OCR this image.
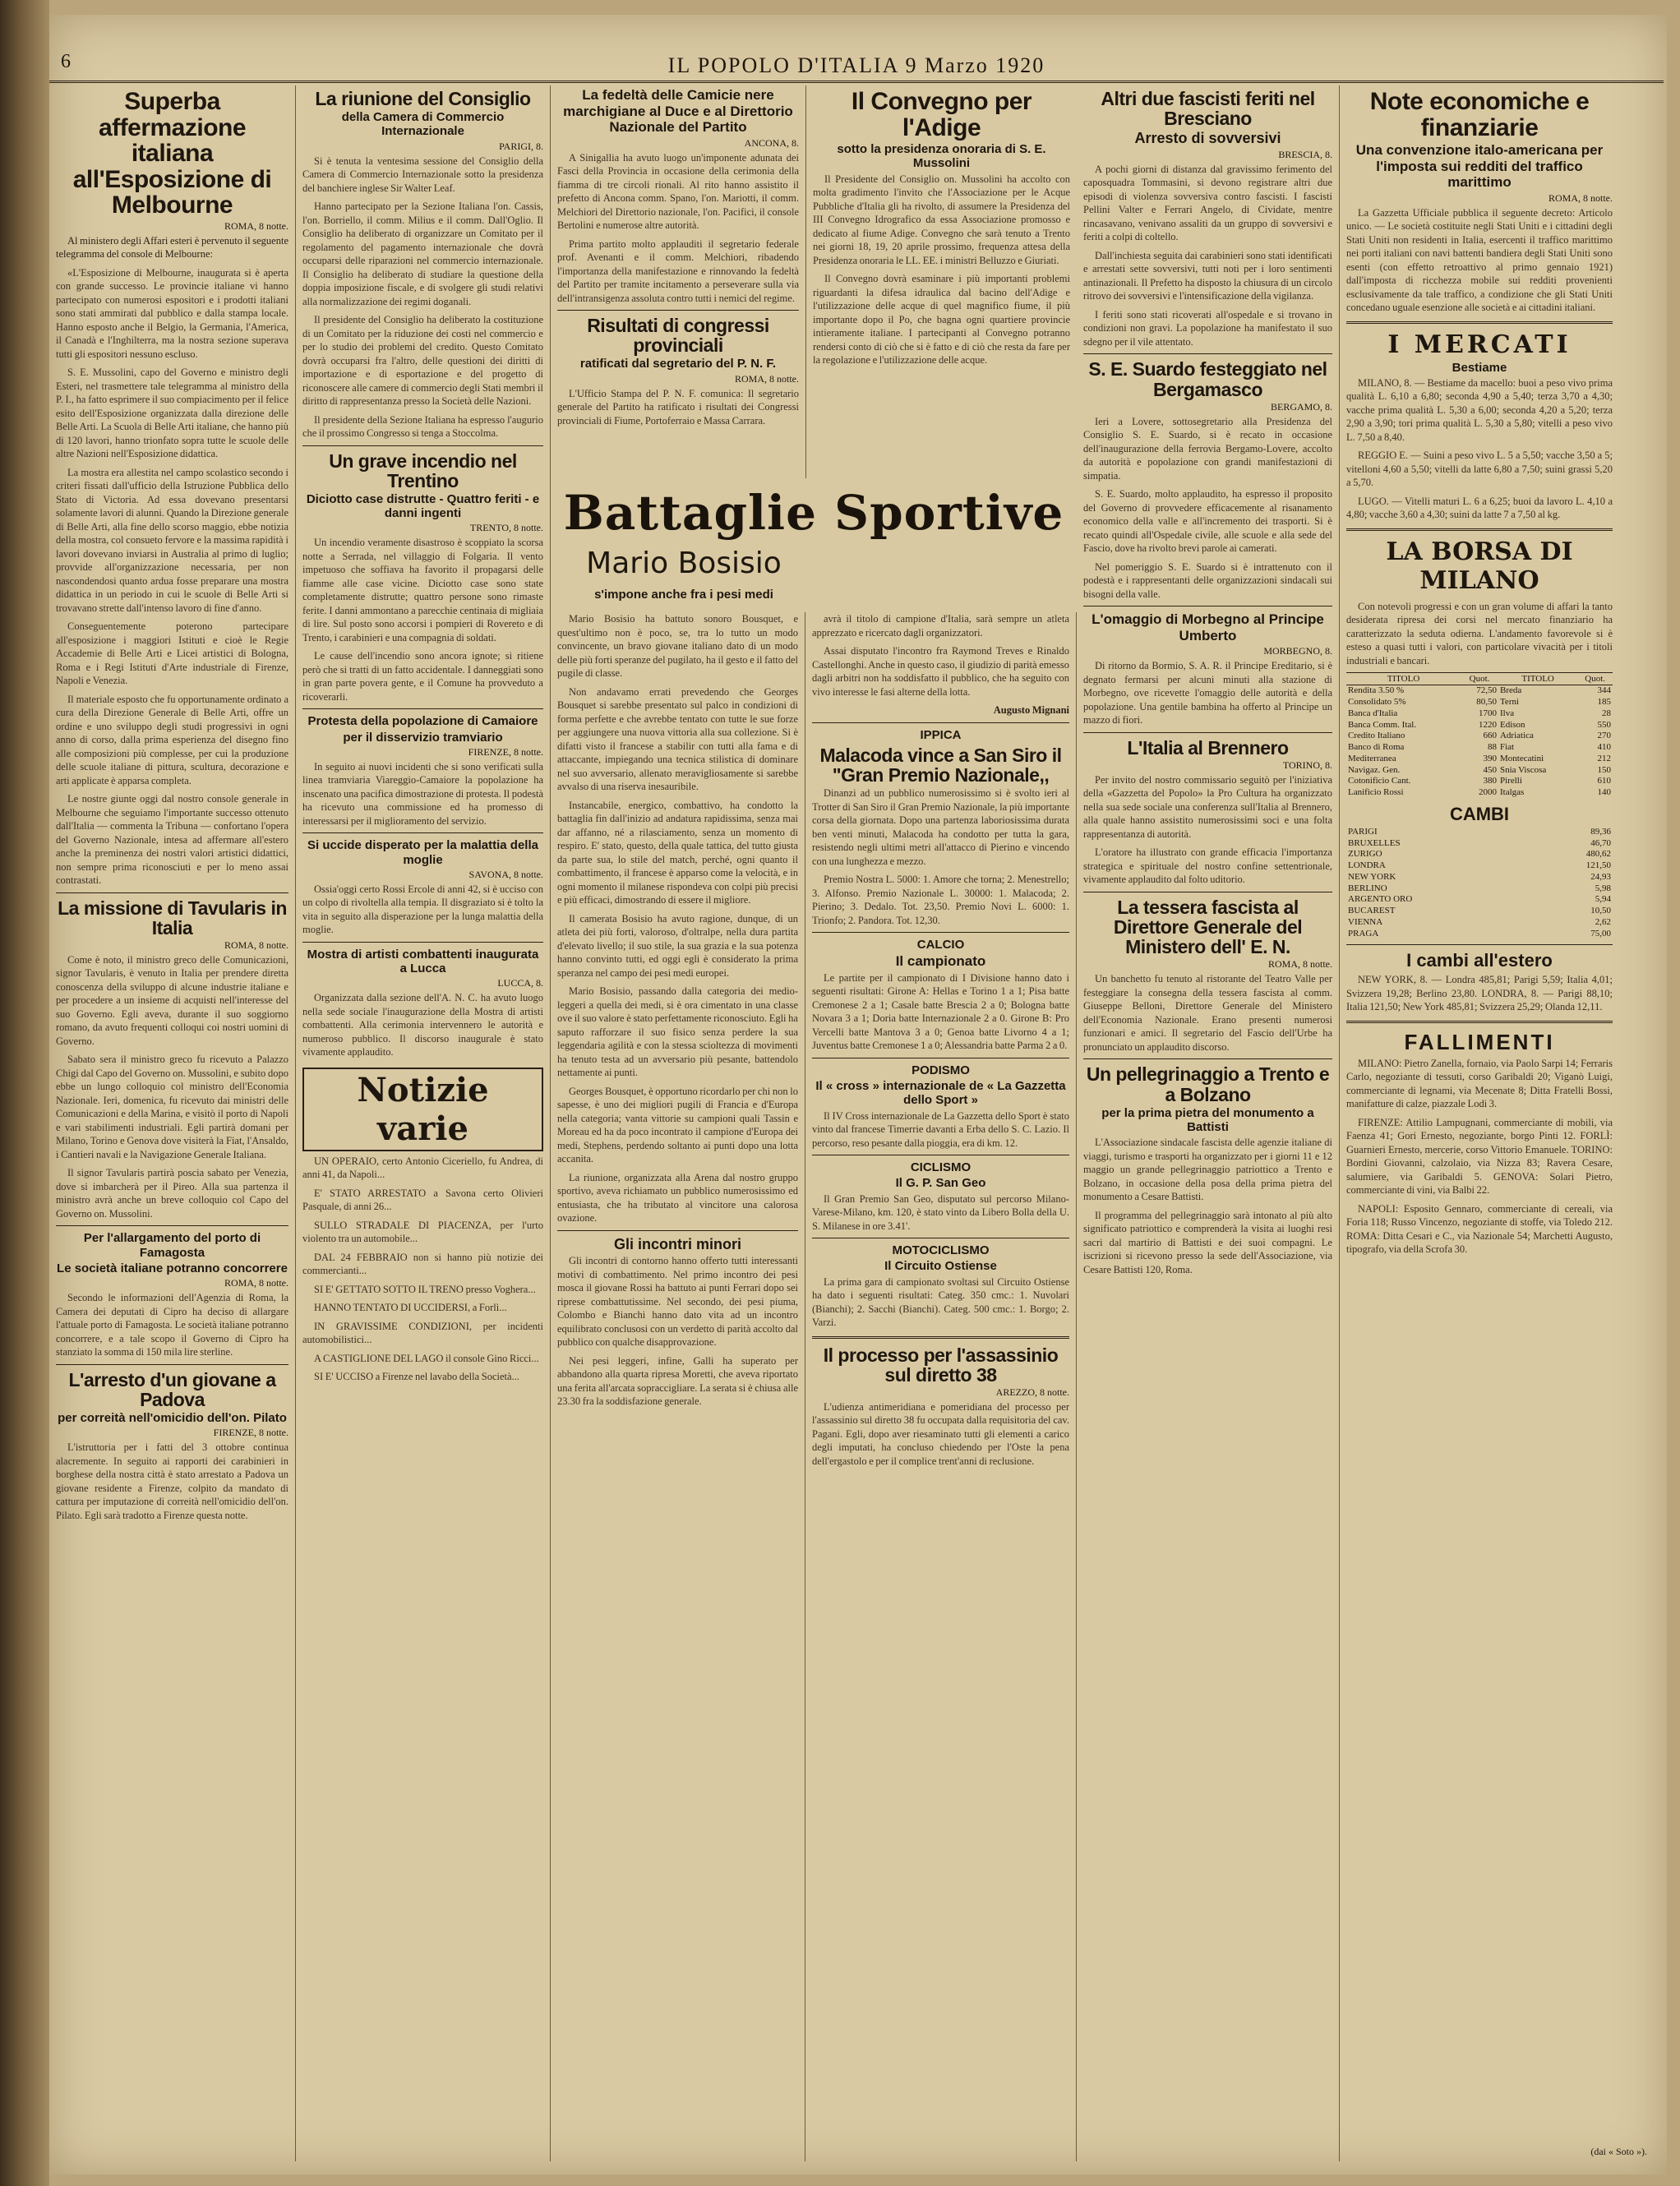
6	IL POPOLO D'ITALIA 9 Marzo 1920
Superba affermazione italiana all'Esposizione di Melbourne
ROMA, 8 notte.

Al ministero degli Affari esteri è pervenuto il seguente telegramma del console di Melbourne:

«L'Esposizione di Melbourne, inaugurata si è aperta con grande successo. Le provincie italiane vi hanno partecipato con numerosi espositori e i prodotti italiani sono stati ammirati dal pubblico e dalla stampa locale. Hanno esposto anche il Belgio, la Germania, l'America, il Canadà e l'Inghilterra, ma la nostra sezione superava tutti gli espositori nessuno escluso.

S. E. Mussolini, capo del Governo e ministro degli Esteri, nel trasmettere tale telegramma al ministro della P. I., ha fatto esprimere il suo compiacimento per il felice esito dell'Esposizione organizzata dalla direzione delle Belle Arti. La Scuola di Belle Arti italiane, che hanno più di 120 lavori, hanno trionfato sopra tutte le scuole delle altre Nazioni nell'Esposizione didattica.

La mostra era allestita nel campo scolastico secondo i criteri fissati dall'ufficio della Istruzione Pubblica dello Stato di Victoria. Ad essa dovevano presentarsi solamente lavori di alunni. Quando la Direzione generale di Belle Arti, alla fine dello scorso maggio, ebbe notizia della mostra, col consueto fervore e la massima rapidità i lavori dovevano inviarsi in Australia al primo di luglio; provvide all'organizzazione necessaria, per non nascondendosi quanto ardua fosse preparare una mostra didattica in un periodo in cui le scuole di Belle Arti si trovavano strette dall'intenso lavoro di fine d'anno.

Conseguentemente poterono partecipare all'esposizione i maggiori Istituti e cioè le Regie Accademie di Belle Arti e Licei artistici di Bologna, Roma e i Regi Istituti d'Arte industriale di Firenze, Napoli e Venezia.

Il materiale esposto che fu opportunamente ordinato a cura della Direzione Generale di Belle Arti, offre un ordine e uno sviluppo degli studi progressivi in ogni anno di corso, dalla prima esperienza del disegno fino alle composizioni più complesse, per cui la produzione delle scuole italiane di pittura, scultura, decorazione e arti applicate è apparsa completa.

Le nostre giunte oggi dal nostro console generale in Melbourne che seguiamo l'importante successo ottenuto dall'Italia — commenta la Tribuna — confortano l'opera del Governo Nazionale, intesa ad affermare all'estero anche la preminenza dei nostri valori artistici didattici, non sempre prima riconosciuti e per lo meno assai contrastati.

La missione di Tavularis in Italia
ROMA, 8 notte.

Come è noto, il ministro greco delle Comunicazioni, signor Tavularis, è venuto in Italia per prendere diretta conoscenza della sviluppo di alcune industrie italiane e per procedere a un insieme di acquisti nell'interesse del suo Governo. Egli aveva, durante il suo soggiorno romano, da avuto frequenti colloqui coi nostri uomini di Governo.

Sabato sera il ministro greco fu ricevuto a Palazzo Chigi dal Capo del Governo on. Mussolini, e subito dopo ebbe un lungo colloquio col ministro dell'Economia Nazionale. Ieri, domenica, fu ricevuto dai ministri delle Comunicazioni e della Marina, e visitò il porto di Napoli e vari stabilimenti industriali. Egli partirà domani per Milano, Torino e Genova dove visiterà la Fiat, l'Ansaldo, i Cantieri navali e la Navigazione Generale Italiana.

Il signor Tavularis partirà poscia sabato per Venezia, dove si imbarcherà per il Pireo. Alla sua partenza il ministro avrà anche un breve colloquio col Capo del Governo on. Mussolini.

Per l'allargamento del porto di Famagosta
Le società italiane potranno concorrere
ROMA, 8 notte.

Secondo le informazioni dell'Agenzia di Roma, la Camera dei deputati di Cipro ha deciso di allargare l'attuale porto di Famagosta. Le società italiane potranno concorrere, e a tale scopo il Governo di Cipro ha stanziato la somma di 150 mila lire sterline.

L'arresto d'un giovane a Padova
per correità nell'omicidio dell'on. Pilato
FIRENZE, 8 notte.

L'istruttoria per i fatti del 3 ottobre continua alacremente. In seguito ai rapporti dei carabinieri in borghese della nostra città è stato arrestato a Padova un giovane residente a Firenze, colpito da mandato di cattura per imputazione di correità nell'omicidio dell'on. Pilato. Egli sarà tradotto a Firenze questa notte.

La riunione del Consiglio
della Camera di Commercio Internazionale
PARIGI, 8.

Si è tenuta la ventesima sessione del Consiglio della Camera di Commercio Internazionale sotto la presidenza del banchiere inglese Sir Walter Leaf.

Hanno partecipato per la Sezione Italiana l'on. Cassis, l'on. Borriello, il comm. Milius e il comm. Dall'Oglio. Il Consiglio ha deliberato di organizzare un Comitato per il regolamento del pagamento internazionale che dovrà occuparsi delle riparazioni nel commercio internazionale. Il Consiglio ha deliberato di studiare la questione della doppia imposizione fiscale, e di svolgere gli studi relativi alla normalizzazione dei regimi doganali.

Il presidente del Consiglio ha deliberato la costituzione di un Comitato per la riduzione dei costi nel commercio e per lo studio dei problemi del credito. Questo Comitato dovrà occuparsi fra l'altro, delle questioni dei diritti di importazione e di esportazione e del progetto di riconoscere alle camere di commercio degli Stati membri il diritto di rappresentanza presso la Società delle Nazioni.

Il presidente della Sezione Italiana ha espresso l'augurio che il prossimo Congresso si tenga a Stoccolma.

Un grave incendio nel Trentino
Diciotto case distrutte - Quattro feriti - e danni ingenti
TRENTO, 8 notte.

Un incendio veramente disastroso è scoppiato la scorsa notte a Serrada, nel villaggio di Folgaria. Il vento impetuoso che soffiava ha favorito il propagarsi delle fiamme alle case vicine. Diciotto case sono state completamente distrutte; quattro persone sono rimaste ferite. I danni ammontano a parecchie centinaia di migliaia di lire. Sul posto sono accorsi i pompieri di Rovereto e di Trento, i carabinieri e una compagnia di soldati.

Le cause dell'incendio sono ancora ignote; si ritiene però che si tratti di un fatto accidentale. I danneggiati sono in gran parte povera gente, e il Comune ha provveduto a ricoverarli.

Protesta della popolazione di Camaiore
per il disservizio tramviario
FIRENZE, 8 notte.

In seguito ai nuovi incidenti che si sono verificati sulla linea tramviaria Viareggio-Camaiore la popolazione ha inscenato una pacifica dimostrazione di protesta. Il podestà ha ricevuto una commissione ed ha promesso di interessarsi per il miglioramento del servizio.

Si uccide disperato per la malattia della moglie
SAVONA, 8 notte.

Ossia'oggi certo Rossi Ercole di anni 42, si è ucciso con un colpo di rivoltella alla tempia. Il disgraziato si è tolto la vita in seguito alla disperazione per la lunga malattia della moglie.

Mostra di artisti combattenti inaugurata a Lucca
LUCCA, 8.

Organizzata dalla sezione dell'A. N. C. ha avuto luogo nella sede sociale l'inaugurazione della Mostra di artisti combattenti. Alla cerimonia intervennero le autorità e numeroso pubblico. Il discorso inaugurale è stato vivamente applaudito.

Notizie varie

UN OPERAIO, certo Antonio Ciceriello, fu Andrea, di anni 41, da Napoli...

E' STATO ARRESTATO a Savona certo Olivieri Pasquale, di anni 26...

SULLO STRADALE DI PIACENZA, per l'urto violento tra un automobile...

DAL 24 FEBBRAIO non si hanno più notizie dei commercianti...

SI E' GETTATO SOTTO IL TRENO presso Voghera...

HANNO TENTATO DI UCCIDERSI, a Forlì...

IN GRAVISSIME CONDIZIONI, per incidenti automobilistici...

A CASTIGLIONE DEL LAGO il console Gino Ricci...

SI E' UCCISO a Firenze nel lavabo della Società...

La fedeltà delle Camicie nere marchigiane al Duce e al Direttorio Nazionale del Partito
ANCONA, 8.

A Sinigallia ha avuto luogo un'imponente adunata dei Fasci della Provincia in occasione della cerimonia della fiamma di tre circoli rionali. Al rito hanno assistito il prefetto di Ancona comm. Spano, l'on. Mariotti, il comm. Melchiori del Direttorio nazionale, l'on. Pacifici, il console Bertolini e numerose altre autorità.

Prima partito molto applauditi il segretario federale prof. Avenanti e il comm. Melchiori, ribadendo l'importanza della manifestazione e rinnovando la fedeltà del Partito per tramite incitamento a perseverare sulla via dell'intransigenza assoluta contro tutti i nemici del regime.

Risultati di congressi provinciali
ratificati dal segretario del P. N. F.
ROMA, 8 notte.

L'Ufficio Stampa del P. N. F. comunica: Il segretario generale del Partito ha ratificato i risultati dei Congressi provinciali di Fiume, Portoferraio e Massa Carrara.

Il Convegno per l'Adige
sotto la presidenza onoraria di S. E. Mussolini

Il Presidente del Consiglio on. Mussolini ha accolto con molta gradimento l'invito che l'Associazione per le Acque Pubbliche d'Italia gli ha rivolto, di assumere la Presidenza del III Convegno Idrografico da essa Associazione promosso e dedicato al fiume Adige. Convegno che sarà tenuto a Trento nei giorni 18, 19, 20 aprile prossimo, frequenza attesa della Presidenza onoraria le LL. EE. i ministri Belluzzo e Giuriati.

Il Convegno dovrà esaminare i più importanti problemi riguardanti la difesa idraulica dal bacino dell'Adige e l'utilizzazione delle acque di quel magnifico fiume, il più importante dopo il Po, che bagna ogni quartiere provincie intieramente italiane. I partecipanti al Convegno potranno rendersi conto di ciò che si è fatto e di ciò che resta da fare per la regolazione e l'utilizzazione delle acque.

Battaglie Sportive
Mario Bosisio
s'impone anche fra i pesi medi

Mario Bosisio ha battuto sonoro Bousquet, e quest'ultimo non è poco, se, tra lo tutto un modo convincente, un bravo giovane italiano dato di un modo delle più forti speranze del pugilato, ha il gesto e il fatto del pugile di classe.

Non andavamo errati prevedendo che Georges Bousquet si sarebbe presentato sul palco in condizioni di forma perfette e che avrebbe tentato con tutte le sue forze per aggiungere una nuova vittoria alla sua collezione. Si è difatti visto il francese a stabilir con tutti alla fama e di attaccante, impiegando una tecnica stilistica di dominare nel suo avversario, allenato meravigliosamente si sarebbe avvalso di una riserva inesauribile.

Instancabile, energico, combattivo, ha condotto la battaglia fin dall'inizio ad andatura rapidissima, senza mai dar affanno, né a rilasciamento, senza un momento di respiro. E' stato, questo, della quale tattica, del tutto giusta da parte sua, lo stile del match, perché, ogni quanto il combattimento, il francese è apparso come la velocità, e in ogni momento il milanese rispondeva con colpi più precisi e più efficaci, dimostrando di essere il migliore.

Il camerata Bosisio ha avuto ragione, dunque, di un atleta dei più forti, valoroso, d'oltralpe, nella dura partita d'elevato livello; il suo stile, la sua grazia e la sua potenza hanno convinto tutti, ed oggi egli è considerato la prima speranza nel campo dei pesi medi europei.

Mario Bosisio, passando dalla categoria dei medio-leggeri a quella dei medi, si è ora cimentato in una classe ove il suo valore è stato perfettamente riconosciuto. Egli ha saputo rafforzare il suo fisico senza perdere la sua leggendaria agilità e con la stessa scioltezza di movimenti ha tenuto testa ad un avversario più pesante, battendolo nettamente ai punti.

Georges Bousquet, è opportuno ricordarlo per chi non lo sapesse, è uno dei migliori pugili di Francia e d'Europa nella categoria; vanta vittorie su campioni quali Tassin e Moreau ed ha da poco incontrato il campione d'Europa dei medi, Stephens, perdendo soltanto ai punti dopo una lotta accanita.

La riunione, organizzata alla Arena dal nostro gruppo sportivo, aveva richiamato un pubblico numerosissimo ed entusiasta, che ha tributato al vincitore una calorosa ovazione.

Gli incontri minori

Gli incontri di contorno hanno offerto tutti interessanti motivi di combattimento. Nel primo incontro dei pesi mosca il giovane Rossi ha battuto ai punti Ferrari dopo sei riprese combattutissime. Nel secondo, dei pesi piuma, Colombo e Bianchi hanno dato vita ad un incontro equilibrato conclusosi con un verdetto di parità accolto dal pubblico con qualche disapprovazione.

Nei pesi leggeri, infine, Galli ha superato per abbandono alla quarta ripresa Moretti, che aveva riportato una ferita all'arcata sopraccigliare. La serata si è chiusa alle 23.30 fra la soddisfazione generale.

avrà il titolo di campione d'Italia, sarà sempre un atleta apprezzato e ricercato dagli organizzatori.

Assai disputato l'incontro fra Raymond Treves e Rinaldo Castellonghi. Anche in questo caso, il giudizio di parità emesso dagli arbitri non ha soddisfatto il pubblico, che ha seguito con vivo interesse le fasi alterne della lotta.

Augusto Mignani

IPPICA
Malacoda vince a San Siro il "Gran Premio Nazionale,,

Dinanzi ad un pubblico numerosissimo si è svolto ieri al Trotter di San Siro il Gran Premio Nazionale, la più importante corsa della giornata. Dopo una partenza laboriosissima durata ben venti minuti, Malacoda ha condotto per tutta la gara, resistendo negli ultimi metri all'attacco di Pierino e vincendo con una lunghezza e mezzo.

Premio Nostra L. 5000: 1. Amore che torna; 2. Menestrello; 3. Alfonso. Premio Nazionale L. 30000: 1. Malacoda; 2. Pierino; 3. Dedalo. Tot. 23,50. Premio Novi L. 6000: 1. Trionfo; 2. Pandora. Tot. 12,30.

CALCIO
Il campionato

Le partite per il campionato di I Divisione hanno dato i seguenti risultati: Girone A: Hellas e Torino 1 a 1; Pisa batte Cremonese 2 a 1; Casale batte Brescia 2 a 0; Bologna batte Novara 3 a 1; Doria batte Internazionale 2 a 0. Girone B: Pro Vercelli batte Mantova 3 a 0; Genoa batte Livorno 4 a 1; Juventus batte Cremonese 1 a 0; Alessandria batte Parma 2 a 0.

PODISMO
Il « cross » internazionale de « La Gazzetta dello Sport »

Il IV Cross internazionale de La Gazzetta dello Sport è stato vinto dal francese Timerrie davanti a Erba dello S. C. Lazio. Il percorso, reso pesante dalla pioggia, era di km. 12.

CICLISMO
Il G. P. San Geo

Il Gran Premio San Geo, disputato sul percorso Milano-Varese-Milano, km. 120, è stato vinto da Libero Bolla della U. S. Milanese in ore 3.41'.

MOTOCICLISMO
Il Circuito Ostiense

La prima gara di campionato svoltasi sul Circuito Ostiense ha dato i seguenti risultati: Categ. 350 cmc.: 1. Nuvolari (Bianchi); 2. Sacchi (Bianchi). Categ. 500 cmc.: 1. Borgo; 2. Varzi.

Il processo per l'assassinio sul diretto 38
AREZZO, 8 notte.

L'udienza antimeridiana e pomeridiana del processo per l'assassinio sul diretto 38 fu occupata dalla requisitoria del cav. Pagani. Egli, dopo aver riesaminato tutti gli elementi a carico degli imputati, ha concluso chiedendo per l'Oste la pena dell'ergastolo e per il complice trent'anni di reclusione.

Altri due fascisti feriti nel Bresciano
Arresto di sovversivi
BRESCIA, 8.

A pochi giorni di distanza dal gravissimo ferimento del caposquadra Tommasini, si devono registrare altri due episodi di violenza sovversiva contro fascisti. I fascisti Pellini Valter e Ferrari Angelo, di Cividate, mentre rincasavano, venivano assaliti da un gruppo di sovversivi e feriti a colpi di coltello.

Dall'inchiesta seguita dai carabinieri sono stati identificati e arrestati sette sovversivi, tutti noti per i loro sentimenti antinazionali. Il Prefetto ha disposto la chiusura di un circolo ritrovo dei sovversivi e l'intensificazione della vigilanza.

I feriti sono stati ricoverati all'ospedale e si trovano in condizioni non gravi. La popolazione ha manifestato il suo sdegno per il vile attentato.

S. E. Suardo festeggiato nel Bergamasco
BERGAMO, 8.

Ieri a Lovere, sottosegretario alla Presidenza del Consiglio S. E. Suardo, si è recato in occasione dell'inaugurazione della ferrovia Bergamo-Lovere, accolto da autorità e popolazione con grandi manifestazioni di simpatia.

S. E. Suardo, molto applaudito, ha espresso il proposito del Governo di provvedere efficacemente al risanamento economico della valle e all'incremento dei trasporti. Si è recato quindi all'Ospedale civile, alle scuole e alla sede del Fascio, dove ha rivolto brevi parole ai camerati.

Nel pomeriggio S. E. Suardo si è intrattenuto con il podestà e i rappresentanti delle organizzazioni sindacali sui bisogni della valle.

L'omaggio di Morbegno al Principe Umberto
MORBEGNO, 8.

Di ritorno da Bormio, S. A. R. il Principe Ereditario, si è degnato fermarsi per alcuni minuti alla stazione di Morbegno, ove ricevette l'omaggio delle autorità e della popolazione. Una gentile bambina ha offerto al Principe un mazzo di fiori.

L'Italia al Brennero
TORINO, 8.

Per invito del nostro commissario seguitò per l'iniziativa della «Gazzetta del Popolo» la Pro Cultura ha organizzato nella sua sede sociale una conferenza sull'Italia al Brennero, alla quale hanno assistito numerosissimi soci e una folta rappresentanza di autorità.

L'oratore ha illustrato con grande efficacia l'importanza strategica e spirituale del nostro confine settentrionale, vivamente applaudito dal folto uditorio.

La tessera fascista al Direttore Generale del Ministero dell' E. N.
ROMA, 8 notte.

Un banchetto fu tenuto al ristorante del Teatro Valle per festeggiare la consegna della tessera fascista al comm. Giuseppe Belloni, Direttore Generale del Ministero dell'Economia Nazionale. Erano presenti numerosi funzionari e amici. Il segretario del Fascio dell'Urbe ha pronunciato un applaudito discorso.

Un pellegrinaggio a Trento e a Bolzano
per la prima pietra del monumento a Battisti

L'Associazione sindacale fascista delle agenzie italiane di viaggi, turismo e trasporti ha organizzato per i giorni 11 e 12 maggio un grande pellegrinaggio patriottico a Trento e Bolzano, in occasione della posa della prima pietra del monumento a Cesare Battisti.

Il programma del pellegrinaggio sarà intonato al più alto significato patriottico e comprenderà la visita ai luoghi resi sacri dal martirio di Battisti e dei suoi compagni. Le iscrizioni si ricevono presso la sede dell'Associazione, via Cesare Battisti 120, Roma.

Note economiche e finanziarie
Una convenzione italo-americana per l'imposta sui redditi del traffico marittimo
ROMA, 8 notte.

La Gazzetta Ufficiale pubblica il seguente decreto: Articolo unico. — Le società costituite negli Stati Uniti e i cittadini degli Stati Uniti non residenti in Italia, esercenti il traffico marittimo nei porti italiani con navi battenti bandiera degli Stati Uniti sono esenti (con effetto retroattivo al primo gennaio 1921) dall'imposta di ricchezza mobile sui redditi provenienti esclusivamente da tale traffico, a condizione che gli Stati Uniti concedano uguale esenzione alle società e ai cittadini italiani.

I MERCATI
Bestiame

MILANO, 8. — Bestiame da macello: buoi a peso vivo prima qualità L. 6,10 a 6,80; seconda 4,90 a 5,40; terza 3,70 a 4,30; vacche prima qualità L. 5,30 a 6,00; seconda 4,20 a 5,20; terza 2,90 a 3,90; tori prima qualità L. 5,30 a 5,80; vitelli a peso vivo L. 7,50 a 8,40.

REGGIO E. — Suini a peso vivo L. 5 a 5,50; vacche 3,50 a 5; vitelloni 4,60 a 5,50; vitelli da latte 6,80 a 7,50; suini grassi 5,20 a 5,70.

LUGO. — Vitelli maturi L. 6 a 6,25; buoi da lavoro L. 4,10 a 4,80; vacche 3,60 a 4,30; suini da latte 7 a 7,50 al kg.

LA BORSA DI MILANO

Con notevoli progressi e con un gran volume di affari la tanto desiderata ripresa dei corsi nel mercato finanziario ha caratterizzato la seduta odierna. L'andamento favorevole si è esteso a quasi tutti i valori, con particolare vivacità per i titoli industriali e bancari.

TITOLO	Quot.	TITOLO	Quot.
Rendita 3.50 %	72,50	Breda	344
Consolidato 5%	80,50	Terni	185
Banca d'Italia	1700	Ilva	28
Banca Comm. Ital.	1220	Edison	550
Credito Italiano	660	Adriatica	270
Banco di Roma	88	Fiat	410
Mediterranea	390	Montecatini	212
Navigaz. Gen.	450	Snia Viscosa	150
Cotonificio Cant.	380	Pirelli	610
Lanificio Rossi	2000	Italgas	140
CAMBI
PARIGI	89,36
BRUXELLES	46,70
ZURIGO	480,62
LONDRA	121,50
NEW YORK	24,93
BERLINO	5,98
ARGENTO ORO	5,94
BUCAREST	10,50
VIENNA	2,62
PRAGA	75,00
I cambi all'estero

NEW YORK, 8. — Londra 485,81; Parigi 5,59; Italia 4,01; Svizzera 19,28; Berlino 23,80. LONDRA, 8. — Parigi 88,10; Italia 121,50; New York 485,81; Svizzera 25,29; Olanda 12,11.

FALLIMENTI

MILANO: Pietro Zanella, fornaio, via Paolo Sarpi 14; Ferraris Carlo, negoziante di tessuti, corso Garibaldi 20; Viganò Luigi, commerciante di legnami, via Mecenate 8; Ditta Fratelli Bossi, manifatture di calze, piazzale Lodi 3.

FIRENZE: Attilio Lampugnani, commerciante di mobili, via Faenza 41; Gori Ernesto, negoziante, borgo Pinti 12. FORLÌ: Guarnieri Ernesto, mercerie, corso Vittorio Emanuele. TORINO: Bordini Giovanni, calzolaio, via Nizza 83; Ravera Cesare, salumiere, via Garibaldi 5. GENOVA: Solari Pietro, commerciante di vini, via Balbi 22.

NAPOLI: Esposito Gennaro, commerciante di cereali, via Foria 118; Russo Vincenzo, negoziante di stoffe, via Toledo 212. ROMA: Ditta Cesari e C., via Nazionale 54; Marchetti Augusto, tipografo, via della Scrofa 30.

(dai « Soto »).
